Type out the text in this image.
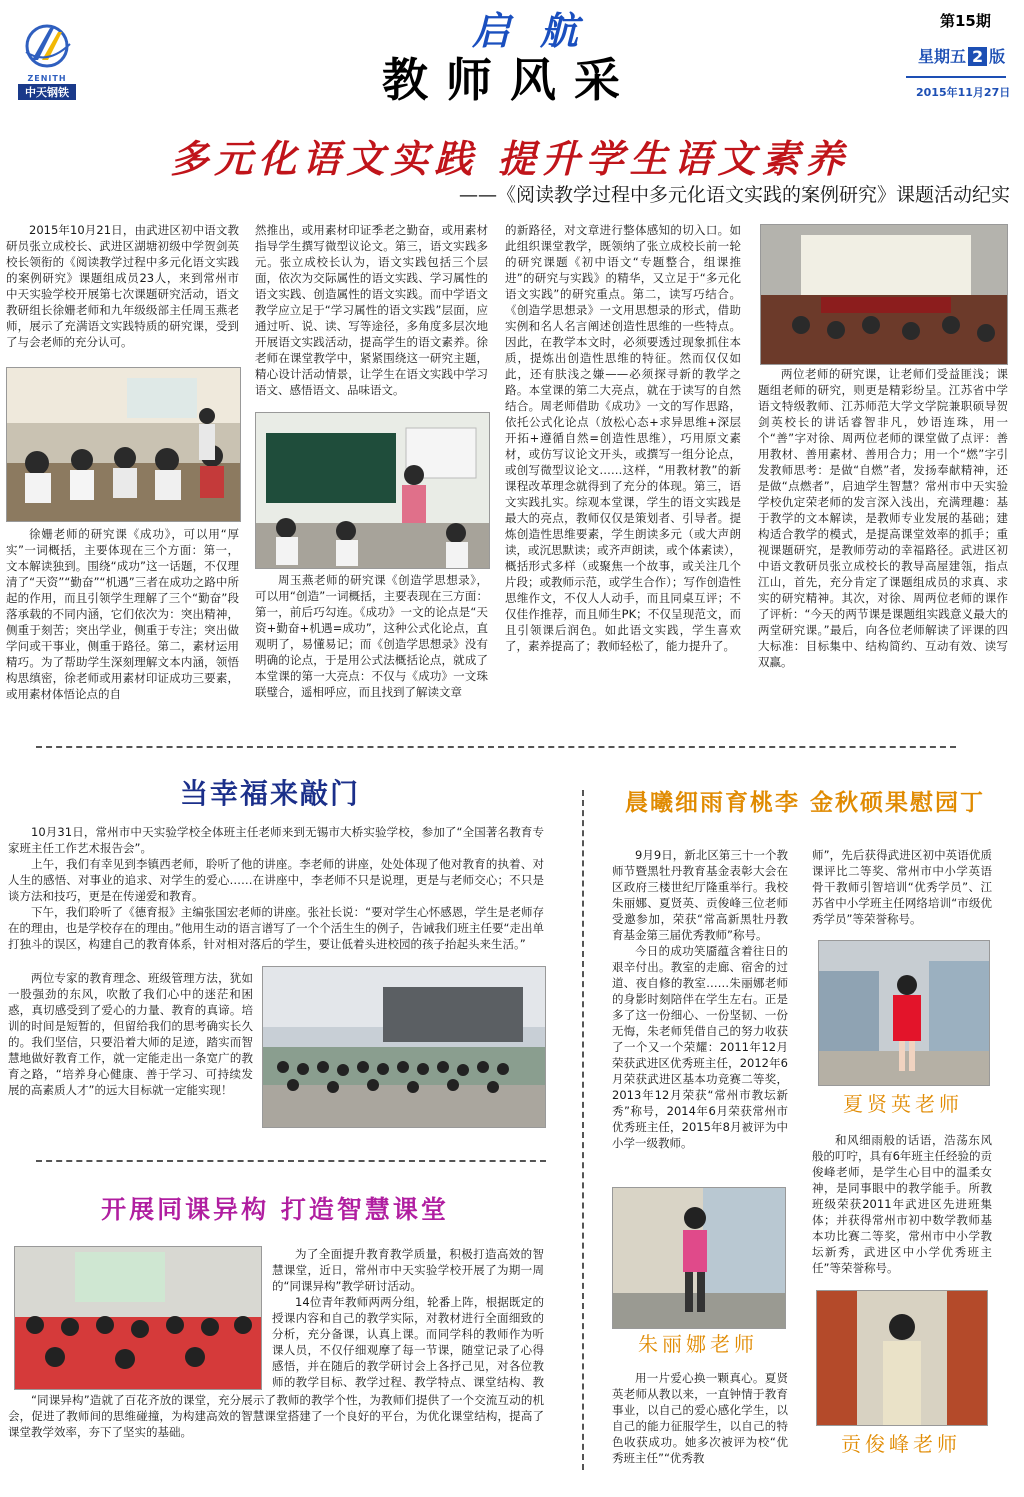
ZENITH
中天钢铁
启航
教师风采
第15期
星期五 2 版
2015年11月27日
多元化语文实践 提升学生语文素养
——《阅读教学过程中多元化语文实践的案例研究》课题活动纪实

2015年10月21日，由武进区初中语文教研员张立成校长、武进区湖塘初级中学贺剑英校长领衔的《阅读教学过程中多元化语文实践的案例研究》课题组成员23人，来到常州市中天实验学校开展第七次课题研究活动，语文教研组长徐姗老师和九年级级部主任周玉燕老师，展示了充满语文实践特质的研究课，受到了与会老师的充分认可。

徐姗老师的研究课《成功》，可以用“厚实”一词概括，主要体现在三个方面：第一，文本解读独到。围绕“成功”这一话题，不仅理清了“天资”“勤奋”“机遇”三者在成功之路中所起的作用，而且引领学生理解了三个“勤奋”段落承载的不同内涵，它们依次为：突出精神，侧重于刻苦；突出学业，侧重于专注；突出做学问或干事业，侧重于路径。第二，素材运用精巧。为了帮助学生深刻理解文本内涵，领悟构思缜密，徐老师或用素材印证成功三要素，或用素材体悟论点的自

然推出，或用素材印证季老之勤奋，或用素材指导学生撰写微型议论文。第三，语文实践多元。张立成校长认为，语文实践包括三个层面，依次为交际属性的语文实践、学习属性的语文实践、创造属性的语文实践。而中学语文教学应立足于“学习属性的语文实践”层面，应通过听、说、读、写等途径，多角度多层次地开展语文实践活动，提高学生的语文素养。徐老师在课堂教学中，紧紧围绕这一研究主题，精心设计活动情景，让学生在语文实践中学习语文、感悟语文、品味语文。

周玉燕老师的研究课《创造学思想录》，可以用“创造”一词概括，主要表现在三方面：第一，前后巧勾连。《成功》一文的论点是“天资+勤奋+机遇=成功”，这种公式化论点，直观明了，易懂易记；而《创造学思想录》没有明确的论点，于是用公式法概括论点，就成了本堂课的第一大亮点：不仅与《成功》一文珠联璧合，遥相呼应，而且找到了解读文章

的新路径，对文章进行整体感知的切入口。如此组织课堂教学，既领纳了张立成校长前一轮的研究课题《初中语文“专题整合，组课推进”的研究与实践》的精华，又立足于“多元化语文实践”的研究重点。第二，读写巧结合。《创造学思想录》一文用思想录的形式，借助实例和名人名言阐述创造性思维的一些特点。因此，在教学本文时，必须要透过现象抓住本质，提炼出创造性思维的特征。然而仅仅如此，还有肤浅之嫌——必须探寻新的教学之路。本堂课的第二大亮点，就在于读写的自然结合。周老师借助《成功》一文的写作思路，依托公式化论点（放松心态+求异思维+深层开拓+遵循自然=创造性思维），巧用原文素材，或仿写议论文开头，或撰写一组分论点，或创写微型议论文……这样，“用教材教”的新课程改革理念就得到了充分的体现。第三，语文实践扎实。综观本堂课，学生的语文实践是最大的亮点，教师仅仅是策划者、引导者。提炼创造性思维要素，学生朗读多元（或大声朗读，或沉思默读；或齐声朗读，或个体素读），概括形式多样（或聚焦一个故事，或关注几个片段；或教师示范，或学生合作）；写作创造性思维作文，不仅人人动手，而且同桌互评；不仅佳作推荐，而且师生PK；不仅呈现范文，而且引领课后润色。如此语文实践，学生喜欢了，素养提高了；教师轻松了，能力提升了。

两位老师的研究课，让老师们受益匪浅；课题组老师的研究，则更是精彩纷呈。江苏省中学语文特级教师、江苏师范大学文学院兼职硕导贺剑英校长的讲话睿智非凡，妙语连珠，用一个“善”字对徐、周两位老师的课堂做了点评：善用教材、善用素材、善用合力；用一个“燃”字引发教师思考：是做“自燃”者，发扬奉献精神，还是做“点燃者”，启迪学生智慧？常州市中天实验学校仇定荣老师的发言深入浅出，充满理趣：基于教学的文本解读，是教师专业发展的基础；建构适合教学的模式，是提高课堂效率的抓手；重视课题研究，是教师劳动的幸福路径。武进区初中语文教研员张立成校长的教导高屋建瓴，指点江山，首先，充分肯定了课题组成员的求真、求实的研究精神。其次，对徐、周两位老师的课作了评析：“今天的两节课是课题组实践意义最大的两堂研究课。”最后，向各位老师解读了评课的四大标准：目标集中、结构简约、互动有效、读写双赢。

当幸福来敲门

10月31日，常州市中天实验学校全体班主任老师来到无锡市大桥实验学校，参加了“全国著名教育专家班主任工作艺术报告会”。

上午，我们有幸见到李镇西老师，聆听了他的讲座。李老师的讲座，处处体现了他对教育的执着、对人生的感悟、对事业的追求、对学生的爱心……在讲座中，李老师不只是说理，更是与老师交心；不只是谈方法和技巧，更是在传递爱和教育。

下午，我们聆听了《德育报》主编张国宏老师的讲座。张社长说：“要对学生心怀感恩，学生是老师存在的理由，也是学校存在的理由。”他用生动的语言谱写了一个个活生生的例子，告诫我们班主任要“走出单打独斗的误区，构建自己的教育体系，针对相对落后的学生，要让低着头进校园的孩子抬起头来生活。”

两位专家的教育理念、班级管理方法，犹如一股强劲的东风，吹散了我们心中的迷茫和困惑，真切感受到了爱心的力量、教育的真谛。培训的时间是短暂的，但留给我们的思考确实长久的。我们坚信，只要沿着大师的足迹，踏实而智慧地做好教育工作，就一定能走出一条宽广的教育之路，“培养身心健康、善于学习、可持续发展的高素质人才”的远大目标就一定能实现！

开展同课异构 打造智慧课堂

为了全面提升教育教学质量，积极打造高效的智慧课堂，近日，常州市中天实验学校开展了为期一周的“同课异构”教学研讨活动。

14位青年教师两两分组，轮番上阵，根据既定的授课内容和自己的教学实际，对教材进行全面细致的分析，充分备课，认真上课。而同学科的教师作为听课人员，不仅仔细观摩了每一节课，随堂记录了心得感悟，并在随后的教学研讨会上各抒己见，对各位教师的教学目标、教学过程、教学特点、课堂结构、教

“同课异构”造就了百花齐放的课堂，充分展示了教师的教学个性，为教师们提供了一个交流互动的机会，促进了教师间的思维碰撞，为构建高效的智慧课堂搭建了一个良好的平台，为优化课堂结构，提高了课堂教学效率，夯下了坚实的基础。

晨曦细雨育桃李 金秋硕果慰园丁

9月9日，新北区第三十一个教师节暨黑牡丹教育基金表彰大会在区政府三楼世纪厅隆重举行。我校朱丽娜、夏贤英、贡俊峰三位老师受邀参加，荣获“常高新黑牡丹教育基金第三届优秀教师”称号。

今日的成功笑靥蕴含着往日的艰辛付出。教室的走廊、宿舍的过道、夜自修的教室……朱丽娜老师的身影时刻陪伴在学生左右。正是多了这一份细心、一份坚韧、一份无悔，朱老师凭借自己的努力收获了一个又一个荣耀：2011年12月荣获武进区优秀班主任，2012年6月荣获武进区基本功竞赛二等奖，2013年12月荣获“常州市教坛新秀”称号，2014年6月荣获常州市优秀班主任，2015年8月被评为中小学一级教师。

朱丽娜老师
夏贤英老师

师”，先后获得武进区初中英语优质课评比二等奖、常州市中小学英语骨干教师引智培训“优秀学员”、江苏省中小学班主任网络培训“市级优秀学员”等荣誉称号。

用一片爱心换一颗真心。夏贤英老师从教以来，一直钟情于教育事业，以自己的爱心感化学生，以自己的能力征服学生，以自己的特色收获成功。她多次被评为校“优秀班主任”“优秀教

和风细雨般的话语，浩荡东风般的叮咛，具有6年班主任经验的贡俊峰老师，是学生心目中的温柔女神，是同事眼中的教学能手。所教班级荣获2011年武进区先进班集体；并获得常州市初中数学教师基本功比赛二等奖，常州市中小学教坛新秀，武进区中小学优秀班主任”等荣誉称号。

贡俊峰老师
